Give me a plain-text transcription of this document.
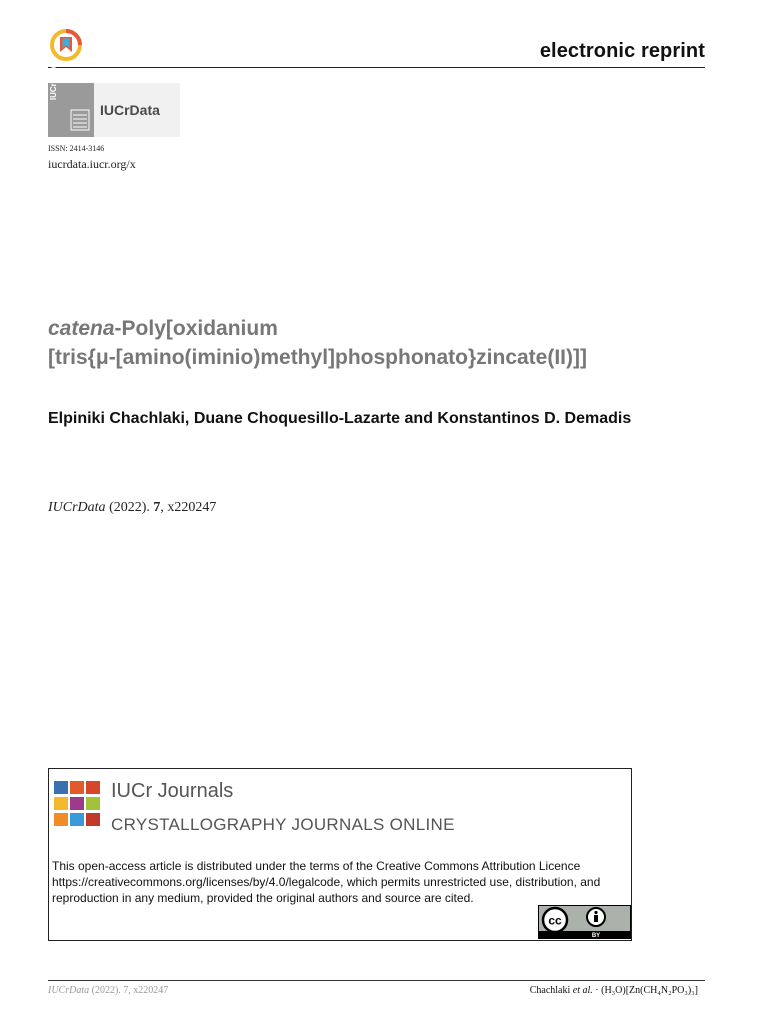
electronic reprint
IUCrData
IUCrData
ISSN: 2414-3146
iucrdata.iucr.org/x
catena-Poly[oxidanium
[tris{μ-[amino(iminio)methyl]phosphonato}zincate(II)]]
Elpiniki Chachlaki, Duane Choquesillo-Lazarte and Konstantinos D. Demadis
IUCrData (2022). 7, x220247
IUCr Journals
CRYSTALLOGRAPHY JOURNALS ONLINE
This open-access article is distributed under the terms of the Creative Commons Attribution Licence https://creativecommons.org/licenses/by/4.0/legalcode, which permits unrestricted use, distribution, and reproduction in any medium, provided the original authors and source are cited.
cc
BY
IUCrData (2022). 7, x220247	Chachlaki et al. · (H₃O)[Zn(CH₄N₂PO₃)₃]
